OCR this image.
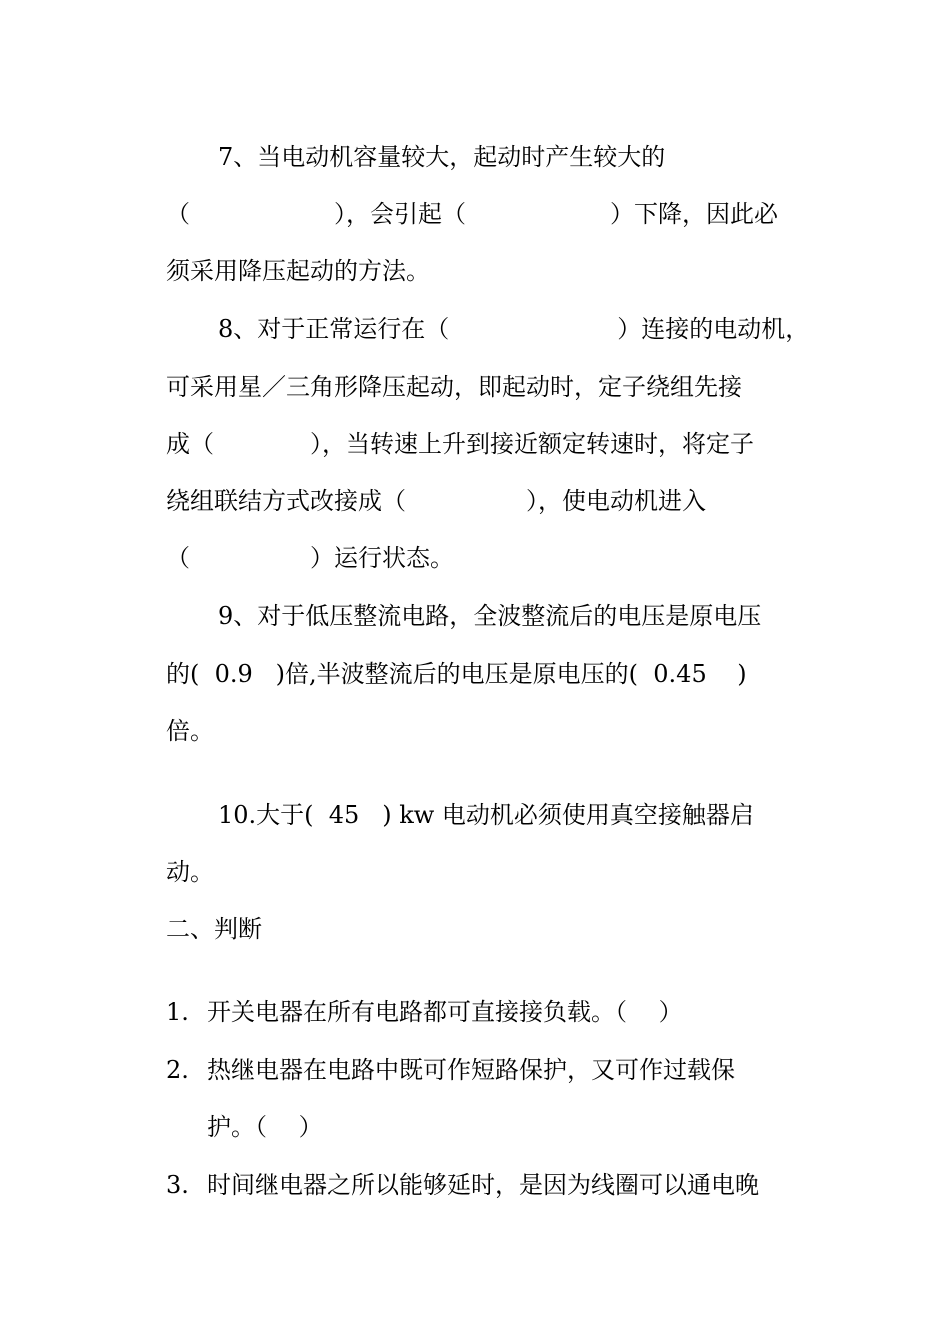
7、当电动机容量较大，起动时产生较大的
（　　　　　　），会引起（　　　　　　）下降，因此必
须采用降压起动的方法。
8、对于正常运行在（　　　　　　　）连接的电动机，
可采用星／三角形降压起动，即起动时，定子绕组先接
成（　　　　），当转速上升到接近额定转速时，将定子
绕组联结方式改接成（　　　　　），使电动机进入
（　　　　　）运行状态。
9、对于低压整流电路，全波整流后的电压是原电压
的(  0.9   )倍,半波整流后的电压是原电压的(  0.45    )
倍。
10.大于(  45   ) kw 电动机必须使用真空接触器启
动。
二、判断
1. 开关电器在所有电路都可直接接负载。（　 ）
2. 热继电器在电路中既可作短路保护，又可作过载保
护。（　 ）
3. 时间继电器之所以能够延时，是因为线圈可以通电晚
